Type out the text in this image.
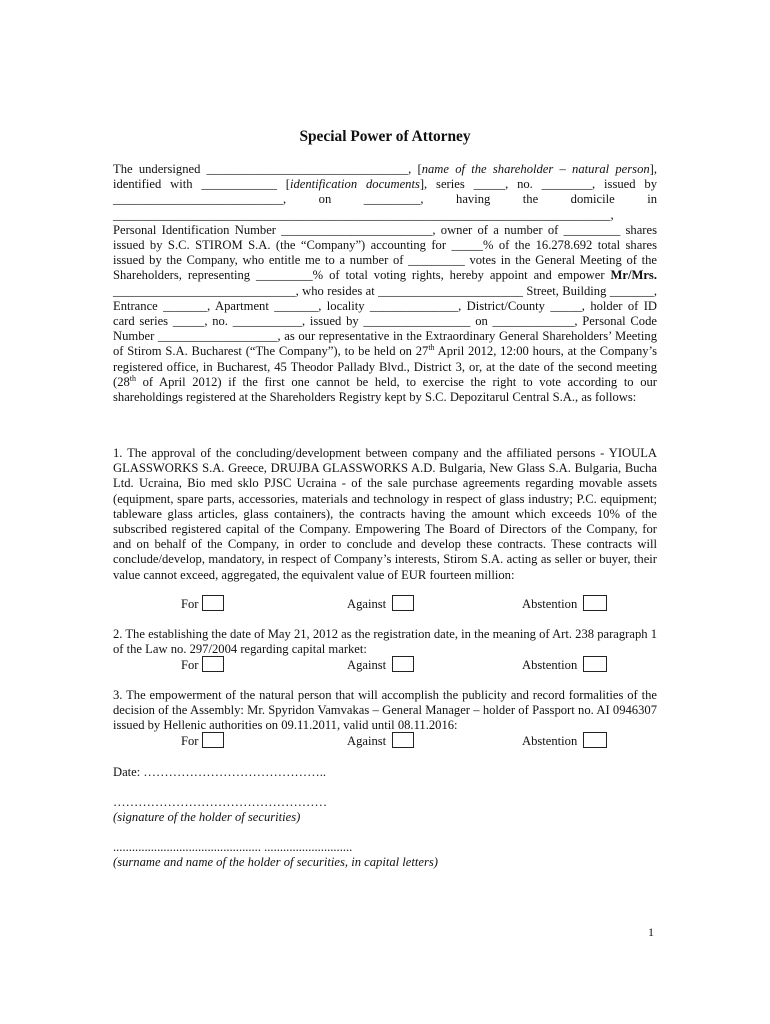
Special Power of Attorney

The undersigned ________________________________, [name of the shareholder – natural person], identified with ____________ [identification documents], series _____, no. ________, issued by ___________________________, on _________, having the domicile in _______________________________________________________________________________, Personal Identification Number ________________________, owner of a number of _________ shares issued by S.C. STIROM S.A. (the “Company”) accounting for _____% of the 16.278.692 total shares issued by the Company, who entitle me to a number of _________ votes in the General Meeting of the Shareholders, representing _________% of total voting rights, hereby appoint and empower Mr/Mrs. _____________________________, who resides at _______________________ Street, Building _______, Entrance _______, Apartment _______, locality ______________, District/County _____, holder of ID card series _____, no. ___________, issued by _________________ on _____________, Personal Code Number ___________________, as our representative in the Extraordinary General Shareholders’ Meeting of Stirom S.A. Bucharest (“The Company”), to be held on 27th April 2012, 12:00 hours, at the Company’s registered office, in Bucharest, 45 Theodor Pallady Blvd., District 3, or, at the date of the second meeting (28th of April 2012) if the first one cannot be held, to exercise the right to vote according to our shareholdings registered at the Shareholders Registry kept by S.C. Depozitarul Central S.A., as follows:

1. The approval of the concluding/development between company and the affiliated persons - YIOULA GLASSWORKS S.A. Greece, DRUJBA GLASSWORKS A.D. Bulgaria, New Glass S.A. Bulgaria, Bucha Ltd. Ucraina, Bio med sklo PJSC Ucraina - of the sale purchase agreements regarding movable assets (equipment, spare parts, accessories, materials and technology in respect of glass industry; P.C. equipment; tableware glass articles, glass containers), the contracts having the amount which exceeds 10% of the subscribed registered capital of the Company. Empowering The Board of Directors of the Company, for and on behalf of the Company, in order to conclude and develop these contracts. These contracts will conclude/develop, mandatory, in respect of Company’s interests, Stirom S.A. acting as seller or buyer, their value cannot exceed, aggregated, the equivalent value of EUR fourteen million:

For	Against	Abstention

2. The establishing the date of May 21, 2012 as the registration date, in the meaning of Art. 238 paragraph 1 of the Law no. 297/2004 regarding capital market:

For	Against	Abstention

3. The empowerment of the natural person that will accomplish the publicity and record formalities of the decision of the Assembly: Mr. Spyridon Vamvakas – General Manager – holder of Passport no. AI 0946307 issued by Hellenic authorities on 09.11.2011, valid until 08.11.2016:

For	Against	Abstention

Date: ……………………………………..

……………………………………………

(signature of the holder of securities)

............................................... ............................

(surname and name of the holder of securities, in capital letters)

1
